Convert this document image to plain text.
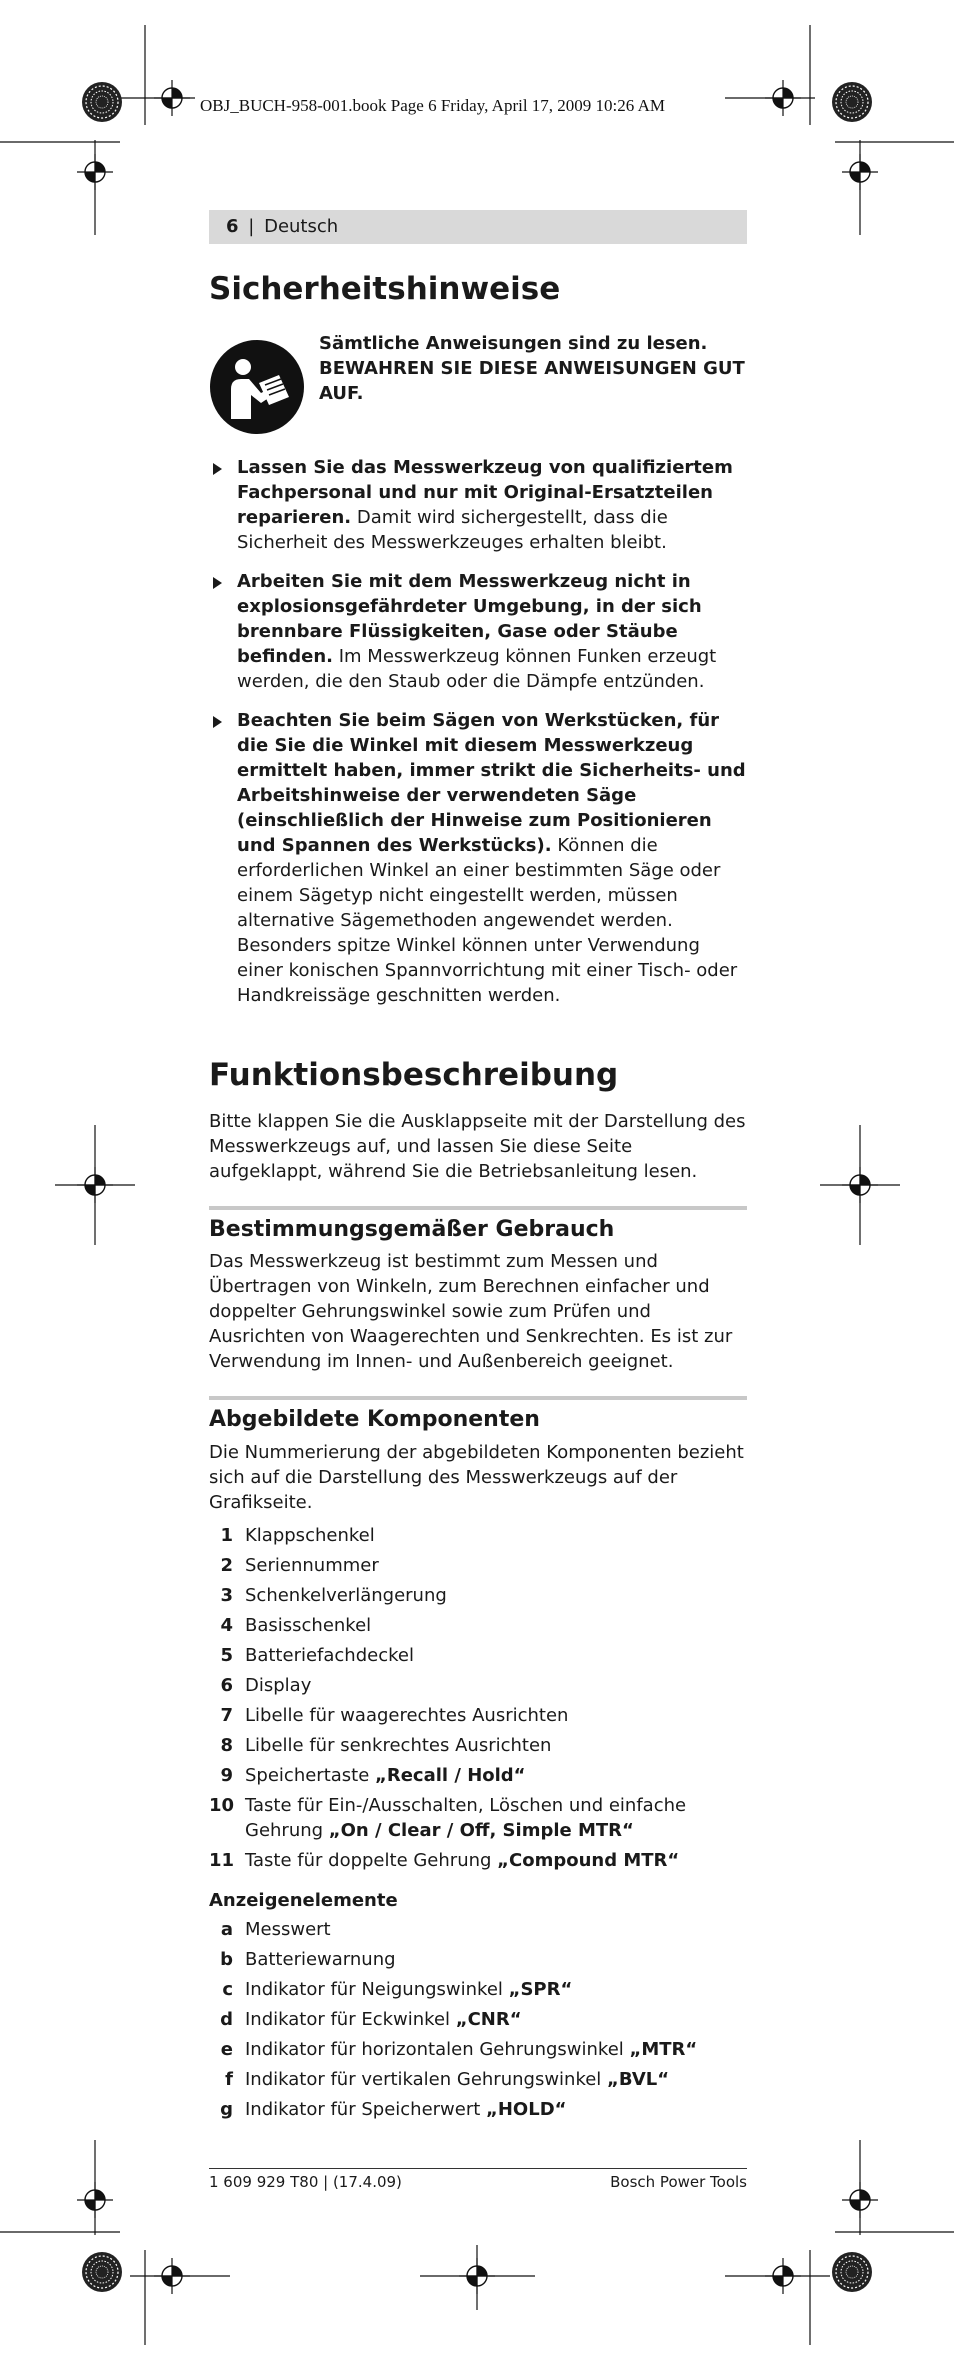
OBJ_BUCH-958-001.book Page 6 Friday, April 17, 2009 10:26 AM
6 | Deutsch
Sicherheitshinweise
Sämtliche Anweisungen sind zu lesen.
BEWAHREN SIE DIESE ANWEISUNGEN GUT AUF.
Lassen Sie das Messwerkzeug von qualifiziertem Fachpersonal und nur mit Original-Ersatzteilen reparieren. Damit wird sichergestellt, dass die Sicherheit des Messwerkzeuges erhalten bleibt.
Arbeiten Sie mit dem Messwerkzeug nicht in explosionsgefährdeter Umgebung, in der sich brennbare Flüssigkeiten, Gase oder Stäube befinden. Im Messwerkzeug können Funken erzeugt werden, die den Staub oder die Dämpfe entzünden.
Beachten Sie beim Sägen von Werkstücken, für die Sie die Winkel mit diesem Messwerkzeug ermittelt haben, immer strikt die Sicherheits- und Arbeitshinweise der verwendeten Säge (einschließlich der Hinweise zum Positionieren und Spannen des Werkstücks). Können die erforderlichen Winkel an einer bestimmten Säge oder einem Sägetyp nicht eingestellt werden, müssen alternative Sägemethoden angewendet werden. Besonders spitze Winkel können unter Verwendung einer konischen Spannvorrichtung mit einer Tisch- oder Handkreissäge geschnitten werden.
Funktionsbeschreibung

Bitte klappen Sie die Ausklappseite mit der Darstellung des Messwerkzeugs auf, und lassen Sie diese Seite aufgeklappt, während Sie die Betriebsanleitung lesen.

Bestimmungsgemäßer Gebrauch

Das Messwerkzeug ist bestimmt zum Messen und Übertragen von Winkeln, zum Berechnen einfacher und doppelter Gehrungswinkel sowie zum Prüfen und Ausrichten von Waagerechten und Senkrechten. Es ist zur Verwendung im Innen- und Außenbereich geeignet.

Abgebildete Komponenten

Die Nummerierung der abgebildeten Komponenten bezieht sich auf die Darstellung des Messwerkzeugs auf der Grafikseite.

1 Klappschenkel
2 Seriennummer
3 Schenkelverlängerung
4 Basisschenkel
5 Batteriefachdeckel
6 Display
7 Libelle für waagerechtes Ausrichten
8 Libelle für senkrechtes Ausrichten
9 Speichertaste „Recall / Hold“
10 Taste für Ein-/Ausschalten, Löschen und einfache Gehrung „On / Clear / Off, Simple MTR“
11 Taste für doppelte Gehrung „Compound MTR“
Anzeigenelemente
a Messwert
b Batteriewarnung
c Indikator für Neigungswinkel „SPR“
d Indikator für Eckwinkel „CNR“
e Indikator für horizontalen Gehrungswinkel „MTR“
f Indikator für vertikalen Gehrungswinkel „BVL“
g Indikator für Speicherwert „HOLD“
1 609 929 T80 | (17.4.09)	Bosch Power Tools
